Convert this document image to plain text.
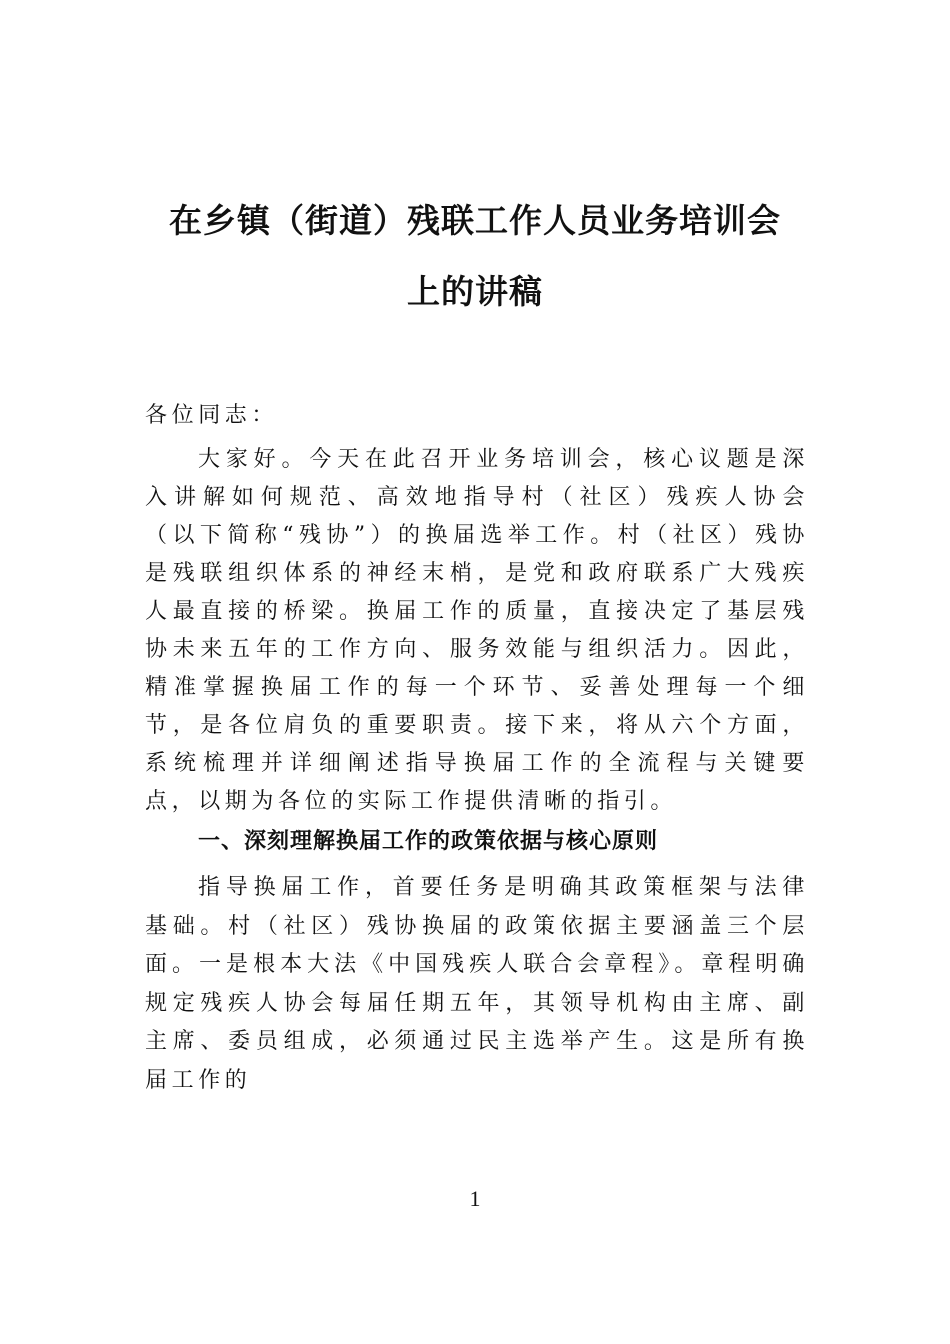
在乡镇（街道）残联工作人员业务培训会
上的讲稿

各位同志：

大家好。今天在此召开业务培训会，核心议题是深入讲解如何规范、高效地指导村（社区）残疾人协会（以下简称“残协”）的换届选举工作。村（社区）残协是残联组织体系的神经末梢，是党和政府联系广大残疾人最直接的桥梁。换届工作的质量，直接决定了基层残协未来五年的工作方向、服务效能与组织活力。因此，精准掌握换届工作的每一个环节、妥善处理每一个细节，是各位肩负的重要职责。接下来，将从六个方面，系统梳理并详细阐述指导换届工作的全流程与关键要点，以期为各位的实际工作提供清晰的指引。

一、深刻理解换届工作的政策依据与核心原则

指导换届工作，首要任务是明确其政策框架与法律基础。村（社区）残协换届的政策依据主要涵盖三个层面。一是根本大法《中国残疾人联合会章程》。章程明确规定残疾人协会每届任期五年，其领导机构由主席、副主席、委员组成，必须通过民主选举产生。这是所有换届工作的

1
